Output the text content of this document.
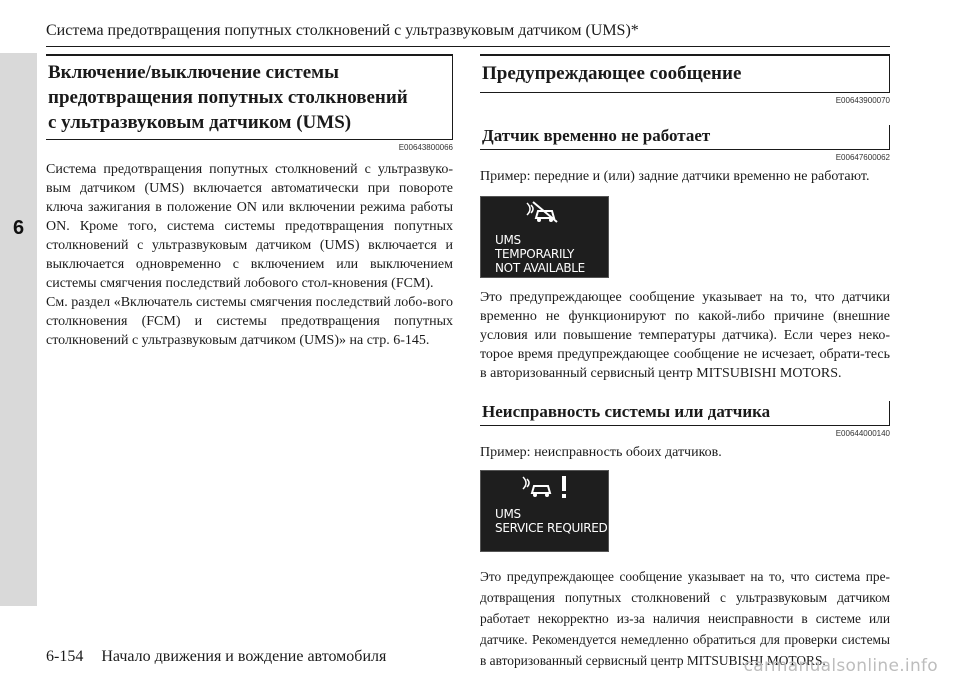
Система предотвращения попутных столкновений с ультразвуковым датчиком (UMS)*
6
Включение/выключение системы
предотвращения попутных столкновений
с ультразвуковым датчиком (UMS)
E00643800066

Система предотвращения попутных столкновений с ультразвуко-вым датчиком (UMS) включается автоматически при повороте ключа зажигания в положение ON или включении режима работы ON. Кроме того, система системы предотвращения попутных столкновений с ультразвуковым датчиком (UMS) включается и выключается одновременно с включением или выключением системы смягчения последствий лобового стол-кновения (FCM).

См. раздел «Включатель системы смягчения последствий лобо-вого столкновения (FCM) и системы предотвращения попутных столкновений с ультразвуковым датчиком (UMS)» на стр. 6-145.

Предупреждающее сообщение
E00643900070
Датчик временно не работает
E00647600062

Пример: передние и (или) задние датчики временно не работают.

UMS
TEMPORARILY
NOT AVAILABLE

Это предупреждающее сообщение указывает на то, что датчики временно не функционируют по какой-либо причине (внешние условия или повышение температуры датчика). Если через неко-торое время предупреждающее сообщение не исчезает, обрати-тесь в авторизованный сервисный центр MITSUBISHI MOTORS.

Неисправность системы или датчика
E00644000140

Пример: неисправность обоих датчиков.

UMS
SERVICE REQUIRED

Это предупреждающее сообщение указывает на то, что система пре-дотвращения попутных столкновений с ультразвуковым датчиком работает некорректно из-за наличия неисправности в системе или датчике. Рекомендуется немедленно обратиться для проверки системы в авторизованный сервисный центр MITSUBISHI MOTORS.

6-154 Начало движения и вождение автомобиля	carmanualsonline.info
